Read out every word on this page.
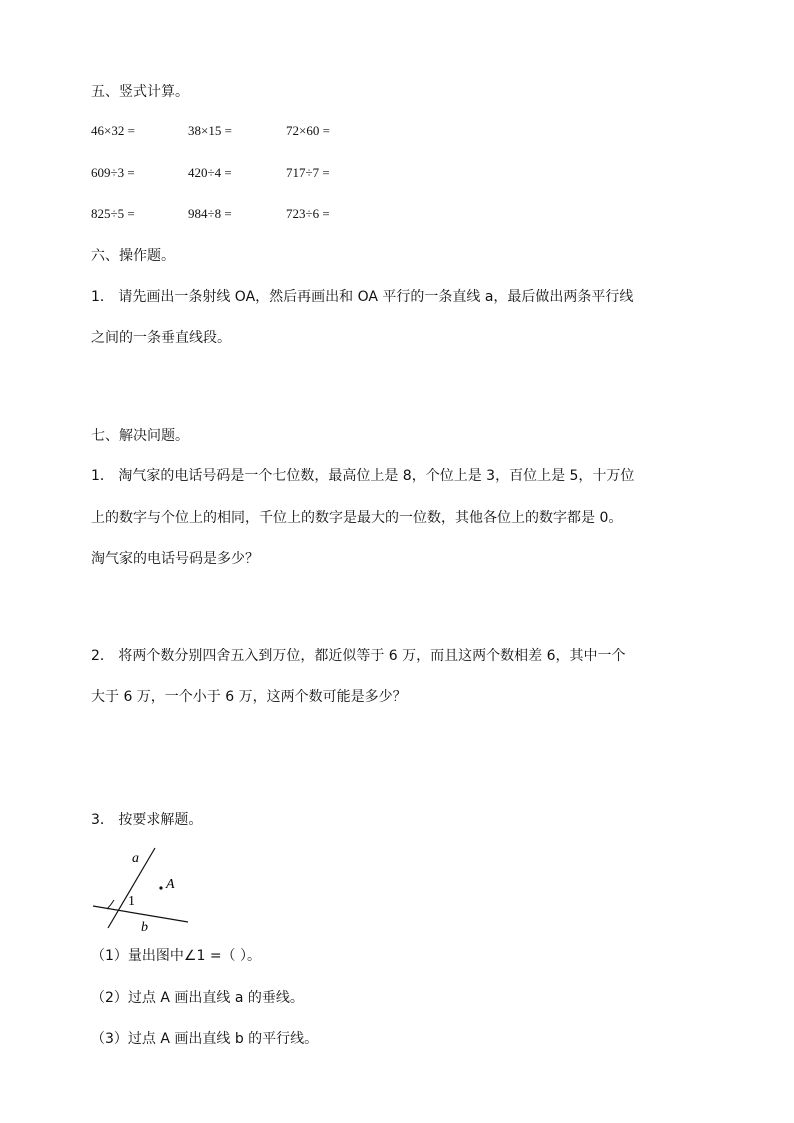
五、竖式计算。
46×32 =	38×15 =	72×60 =
609÷3 =	420÷4 =	717÷7 =
825÷5 =	984÷8 =	723÷6 =
六、操作题。
1． 请先画出一条射线 OA，然后再画出和 OA 平行的一条直线 a，最后做出两条平行线
之间的一条垂直线段。
七、解决问题。
1． 淘气家的电话号码是一个七位数，最高位上是 8，个位上是 3，百位上是 5，十万位
上的数字与个位上的相同，千位上的数字是最大的一位数，其他各位上的数字都是 0。
淘气家的电话号码是多少？
2． 将两个数分别四舍五入到万位，都近似等于 6 万，而且这两个数相差 6，其中一个
大于 6 万，一个小于 6 万，这两个数可能是多少？
3． 按要求解题。
a
A
1
b
（1）量出图中∠1 =（ ）。
（2）过点 A 画出直线 a 的垂线。
（3）过点 A 画出直线 b 的平行线。
